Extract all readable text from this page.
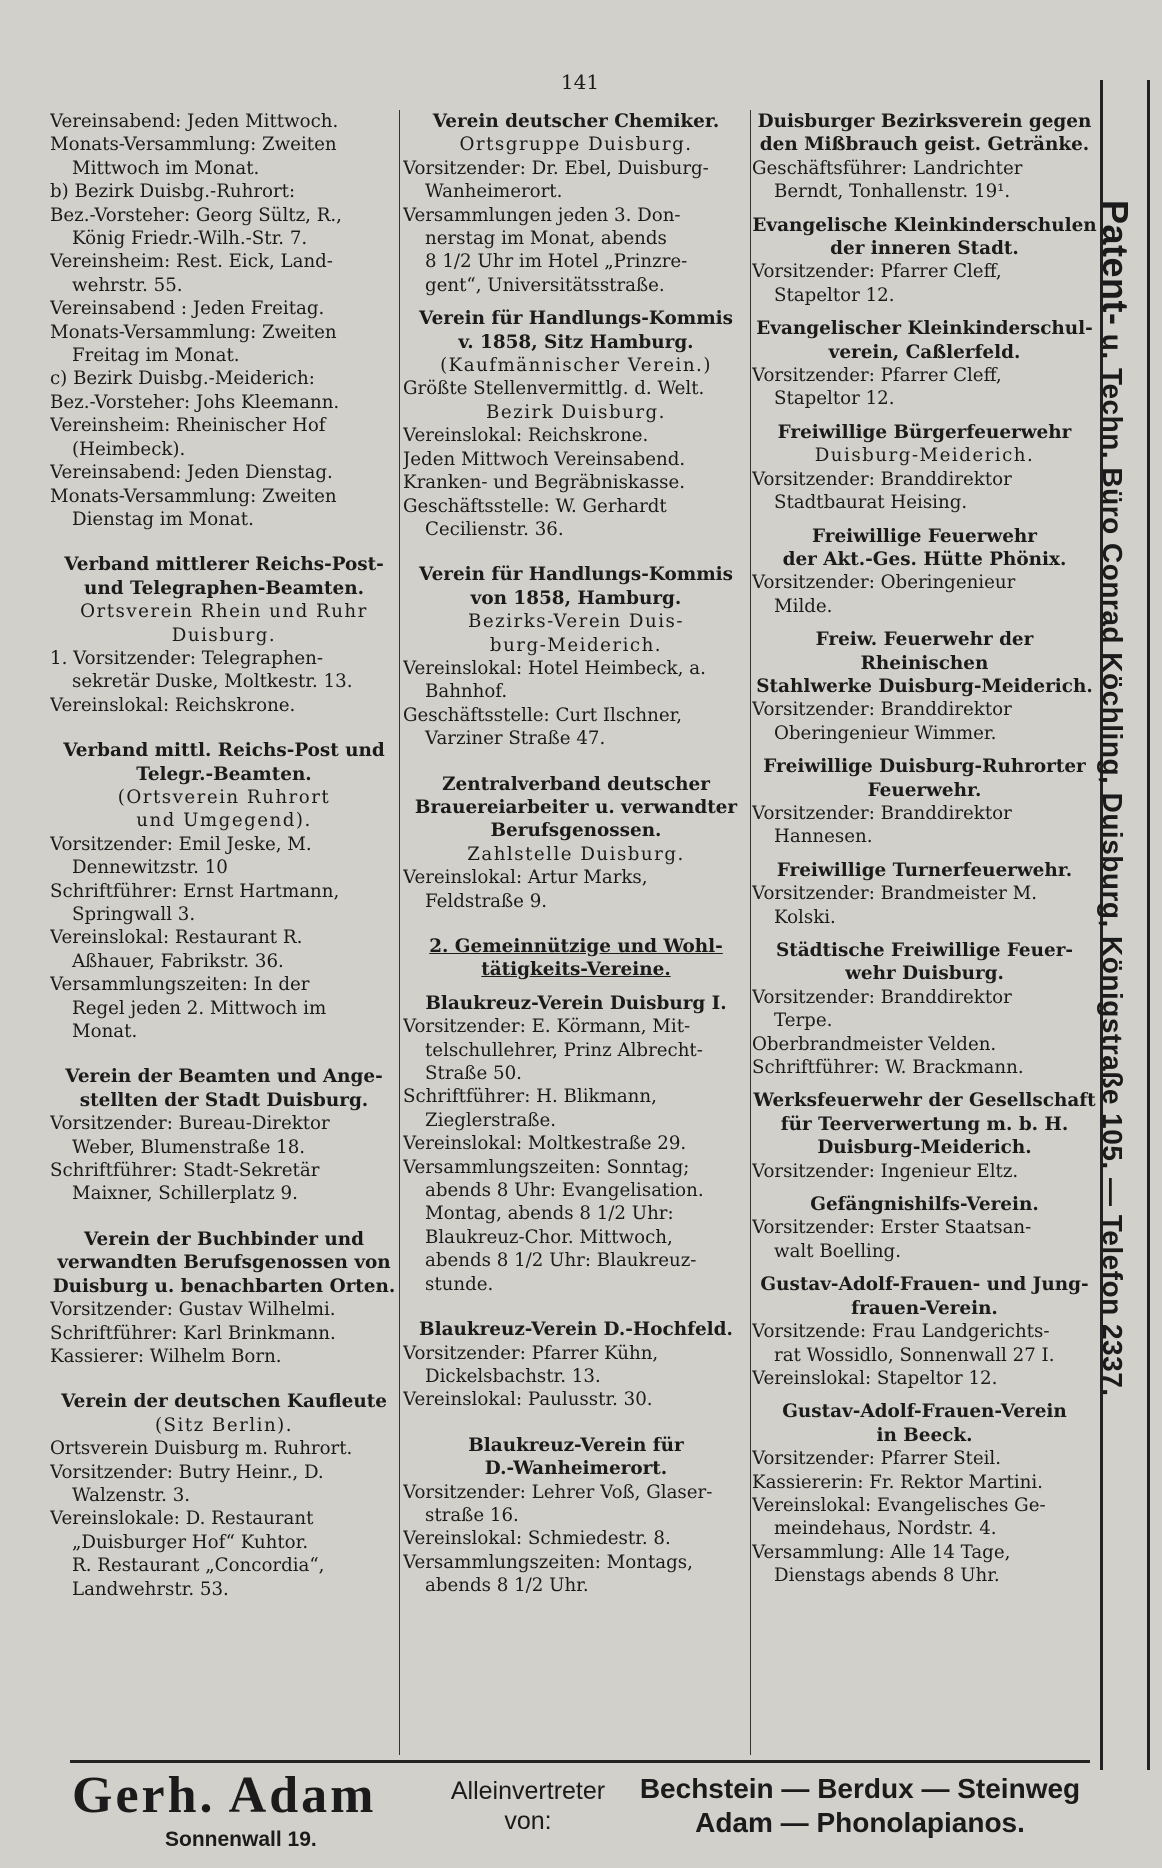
141
Vereinsabend: Jeden Mittwoch.
Monats-Versammlung: Zweiten
Mittwoch im Monat.
b) Bezirk Duisbg.-Ruhrort:
Bez.-Vorsteher: Georg Sültz, R.,
König Friedr.-Wilh.-Str. 7.
Vereinsheim: Rest. Eick, Land-
wehrstr. 55.
Vereinsabend : Jeden Freitag.
Monats-Versammlung: Zweiten
Freitag im Monat.
c) Bezirk Duisbg.-Meiderich:
Bez.-Vorsteher: Johs Kleemann.
Vereinsheim: Rheinischer Hof
(Heimbeck).
Vereinsabend: Jeden Dienstag.
Monats-Versammlung: Zweiten
Dienstag im Monat.
Verband mittlerer Reichs-Post-
und Telegraphen-Beamten.
Ortsverein Rhein und Ruhr
Duisburg.
1. Vorsitzender: Telegraphen-
sekretär Duske, Moltkestr. 13.
Vereinslokal: Reichskrone.
Verband mittl. Reichs-Post und
Telegr.-Beamten.
(Ortsverein Ruhrort
und Umgegend).
Vorsitzender: Emil Jeske, M.
Dennewitzstr. 10
Schriftführer: Ernst Hartmann,
Springwall 3.
Vereinslokal: Restaurant R.
Aßhauer, Fabrikstr. 36.
Versammlungszeiten: In der
Regel jeden 2. Mittwoch im
Monat.
Verein der Beamten und Ange-
stellten der Stadt Duisburg.
Vorsitzender: Bureau-Direktor
Weber, Blumenstraße 18.
Schriftführer: Stadt-Sekretär
Maixner, Schillerplatz 9.
Verein der Buchbinder und
verwandten Berufsgenossen von
Duisburg u. benachbarten Orten.
Vorsitzender: Gustav Wilhelmi.
Schriftführer: Karl Brinkmann.
Kassierer: Wilhelm Born.
Verein der deutschen Kaufleute
(Sitz Berlin).
Ortsverein Duisburg m. Ruhrort.
Vorsitzender: Butry Heinr., D.
Walzenstr. 3.
Vereinslokale: D. Restaurant
„Duisburger Hof“ Kuhtor.
R. Restaurant „Concordia“,
Landwehrstr. 53.
Verein deutscher Chemiker.
Ortsgruppe Duisburg.
Vorsitzender: Dr. Ebel, Duisburg-
Wanheimerort.
Versammlungen jeden 3. Don-
nerstag im Monat, abends
8 1/2 Uhr im Hotel „Prinzre-
gent“, Universitätsstraße.
Verein für Handlungs-Kommis
v. 1858, Sitz Hamburg.
(Kaufmännischer Verein.)
Größte Stellenvermittlg. d. Welt.
Bezirk Duisburg.
Vereinslokal: Reichskrone.
Jeden Mittwoch Vereinsabend.
Kranken- und Begräbniskasse.
Geschäftsstelle: W. Gerhardt
Cecilienstr. 36.
Verein für Handlungs-Kommis
von 1858, Hamburg.
Bezirks-Verein Duis-
burg-Meiderich.
Vereinslokal: Hotel Heimbeck, a.
Bahnhof.
Geschäftsstelle: Curt Ilschner,
Varziner Straße 47.
Zentralverband deutscher
Brauereiarbeiter u. verwandter
Berufsgenossen.
Zahlstelle Duisburg.
Vereinslokal: Artur Marks,
Feldstraße 9.
2. Gemeinnützige und Wohl-
tätigkeits-Vereine.
Blaukreuz-Verein Duisburg I.
Vorsitzender: E. Körmann, Mit-
telschullehrer, Prinz Albrecht-
Straße 50.
Schriftführer: H. Blikmann,
Zieglerstraße.
Vereinslokal: Moltkestraße 29.
Versammlungszeiten: Sonntag;
abends 8 Uhr: Evangelisation.
Montag, abends 8 1/2 Uhr:
Blaukreuz-Chor. Mittwoch,
abends 8 1/2 Uhr: Blaukreuz-
stunde.
Blaukreuz-Verein D.-Hochfeld.
Vorsitzender: Pfarrer Kühn,
Dickelsbachstr. 13.
Vereinslokal: Paulusstr. 30.
Blaukreuz-Verein für
D.-Wanheimerort.
Vorsitzender: Lehrer Voß, Glaser-
straße 16.
Vereinslokal: Schmiedestr. 8.
Versammlungszeiten: Montags,
abends 8 1/2 Uhr.
Duisburger Bezirksverein gegen
den Mißbrauch geist. Getränke.
Geschäftsführer: Landrichter
Berndt, Tonhallenstr. 19¹.
Evangelische Kleinkinderschulen
der inneren Stadt.
Vorsitzender: Pfarrer Cleff,
Stapeltor 12.
Evangelischer Kleinkinderschul-
verein, Caßlerfeld.
Vorsitzender: Pfarrer Cleff,
Stapeltor 12.
Freiwillige Bürgerfeuerwehr
Duisburg-Meiderich.
Vorsitzender: Branddirektor
Stadtbaurat Heising.
Freiwillige Feuerwehr
der Akt.-Ges. Hütte Phönix.
Vorsitzender: Oberingenieur
Milde.
Freiw. Feuerwehr der Rheinischen
Stahlwerke Duisburg-Meiderich.
Vorsitzender: Branddirektor
Oberingenieur Wimmer.
Freiwillige Duisburg-Ruhrorter
Feuerwehr.
Vorsitzender: Branddirektor
Hannesen.
Freiwillige Turnerfeuerwehr.
Vorsitzender: Brandmeister M.
Kolski.
Städtische Freiwillige Feuer-
wehr Duisburg.
Vorsitzender: Branddirektor
Terpe.
Oberbrandmeister Velden.
Schriftführer: W. Brackmann.
Werksfeuerwehr der Gesellschaft
für Teerverwertung m. b. H.
Duisburg-Meiderich.
Vorsitzender: Ingenieur Eltz.
Gefängnishilfs-Verein.
Vorsitzender: Erster Staatsan-
walt Boelling.
Gustav-Adolf-Frauen- und Jung-
frauen-Verein.
Vorsitzende: Frau Landgerichts-
rat Wossidlo, Sonnenwall 27 I.
Vereinslokal: Stapeltor 12.
Gustav-Adolf-Frauen-Verein
in Beeck.
Vorsitzender: Pfarrer Steil.
Kassiererin: Fr. Rektor Martini.
Vereinslokal: Evangelisches Ge-
meindehaus, Nordstr. 4.
Versammlung: Alle 14 Tage,
Dienstags abends 8 Uhr.
Patent- u. Techn. Büro Conrad Köchling, Duisburg, Königstraße 105. — Telefon 2337.
Gerh. Adam
Sonnenwall 19.
Alleinvertreter
von:
Bechstein — Berdux — Steinweg
Adam — Phonolapianos.
